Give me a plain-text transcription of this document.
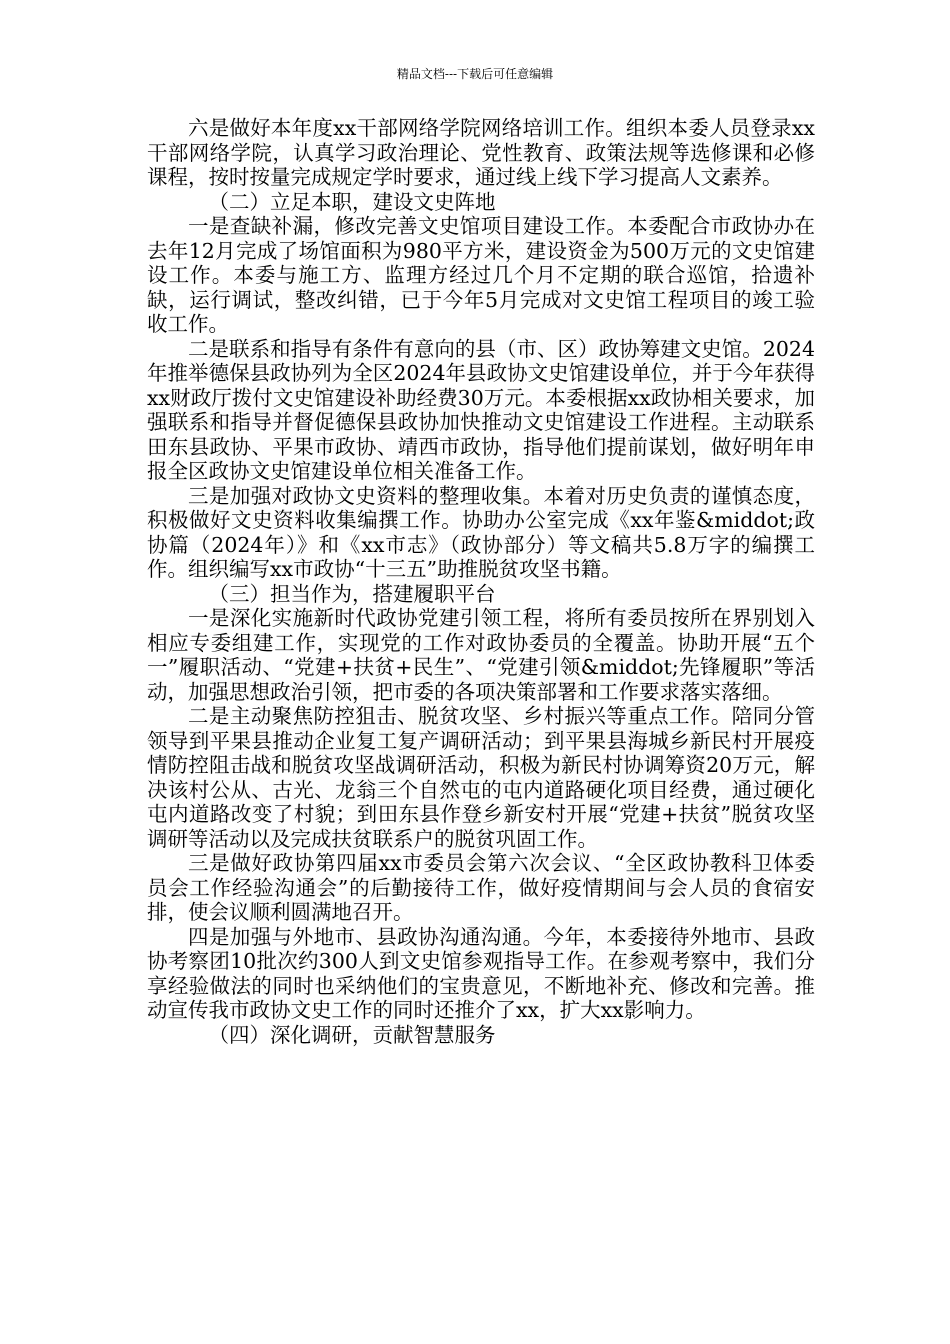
精品文档---下载后可任意编辑

六是做好本年度xx干部网络学院网络培训工作。组织本委人员登录xx干部网络学院，认真学习政治理论、党性教育、政策法规等选修课和必修课程，按时按量完成规定学时要求，通过线上线下学习提高人文素养。

（二）立足本职，建设文史阵地

一是查缺补漏，修改完善文史馆项目建设工作。本委配合市政协办在去年12月完成了场馆面积为980平方米，建设资金为500万元的文史馆建设工作。本委与施工方、监理方经过几个月不定期的联合巡馆，拾遗补缺，运行调试，整改纠错，已于今年5月完成对文史馆工程项目的竣工验收工作。

二是联系和指导有条件有意向的县（市、区）政协筹建文史馆。2024年推举德保县政协列为全区2024年县政协文史馆建设单位，并于今年获得xx财政厅拨付文史馆建设补助经费30万元。本委根据xx政协相关要求，加强联系和指导并督促德保县政协加快推动文史馆建设工作进程。主动联系田东县政协、平果市政协、靖西市政协，指导他们提前谋划，做好明年申报全区政协文史馆建设单位相关准备工作。

三是加强对政协文史资料的整理收集。本着对历史负责的谨慎态度，积极做好文史资料收集编撰工作。协助办公室完成《xx年鉴&middot;政协篇（2024年）》和《xx市志》（政协部分）等文稿共5.8万字的编撰工作。组织编写xx市政协“十三五”助推脱贫攻坚书籍。

（三）担当作为，搭建履职平台

一是深化实施新时代政协党建引领工程，将所有委员按所在界别划入相应专委组建工作，实现党的工作对政协委员的全覆盖。协助开展“五个一”履职活动、“党建+扶贫+民生”、“党建引领&middot;先锋履职”等活动，加强思想政治引领，把市委的各项决策部署和工作要求落实落细。

二是主动聚焦防控狙击、脱贫攻坚、乡村振兴等重点工作。陪同分管领导到平果县推动企业复工复产调研活动；到平果县海城乡新民村开展疫情防控阻击战和脱贫攻坚战调研活动，积极为新民村协调筹资20万元，解决该村公从、古光、龙翁三个自然屯的屯内道路硬化项目经费，通过硬化屯内道路改变了村貌；到田东县作登乡新安村开展“党建+扶贫”脱贫攻坚调研等活动以及完成扶贫联系户的脱贫巩固工作。

三是做好政协第四届xx市委员会第六次会议、“全区政协教科卫体委员会工作经验沟通会”的后勤接待工作，做好疫情期间与会人员的食宿安排，使会议顺利圆满地召开。

四是加强与外地市、县政协沟通沟通。今年，本委接待外地市、县政协考察团10批次约300人到文史馆参观指导工作。在参观考察中，我们分享经验做法的同时也采纳他们的宝贵意见，不断地补充、修改和完善。推动宣传我市政协文史工作的同时还推介了xx，扩大xx影响力。

（四）深化调研，贡献智慧服务
